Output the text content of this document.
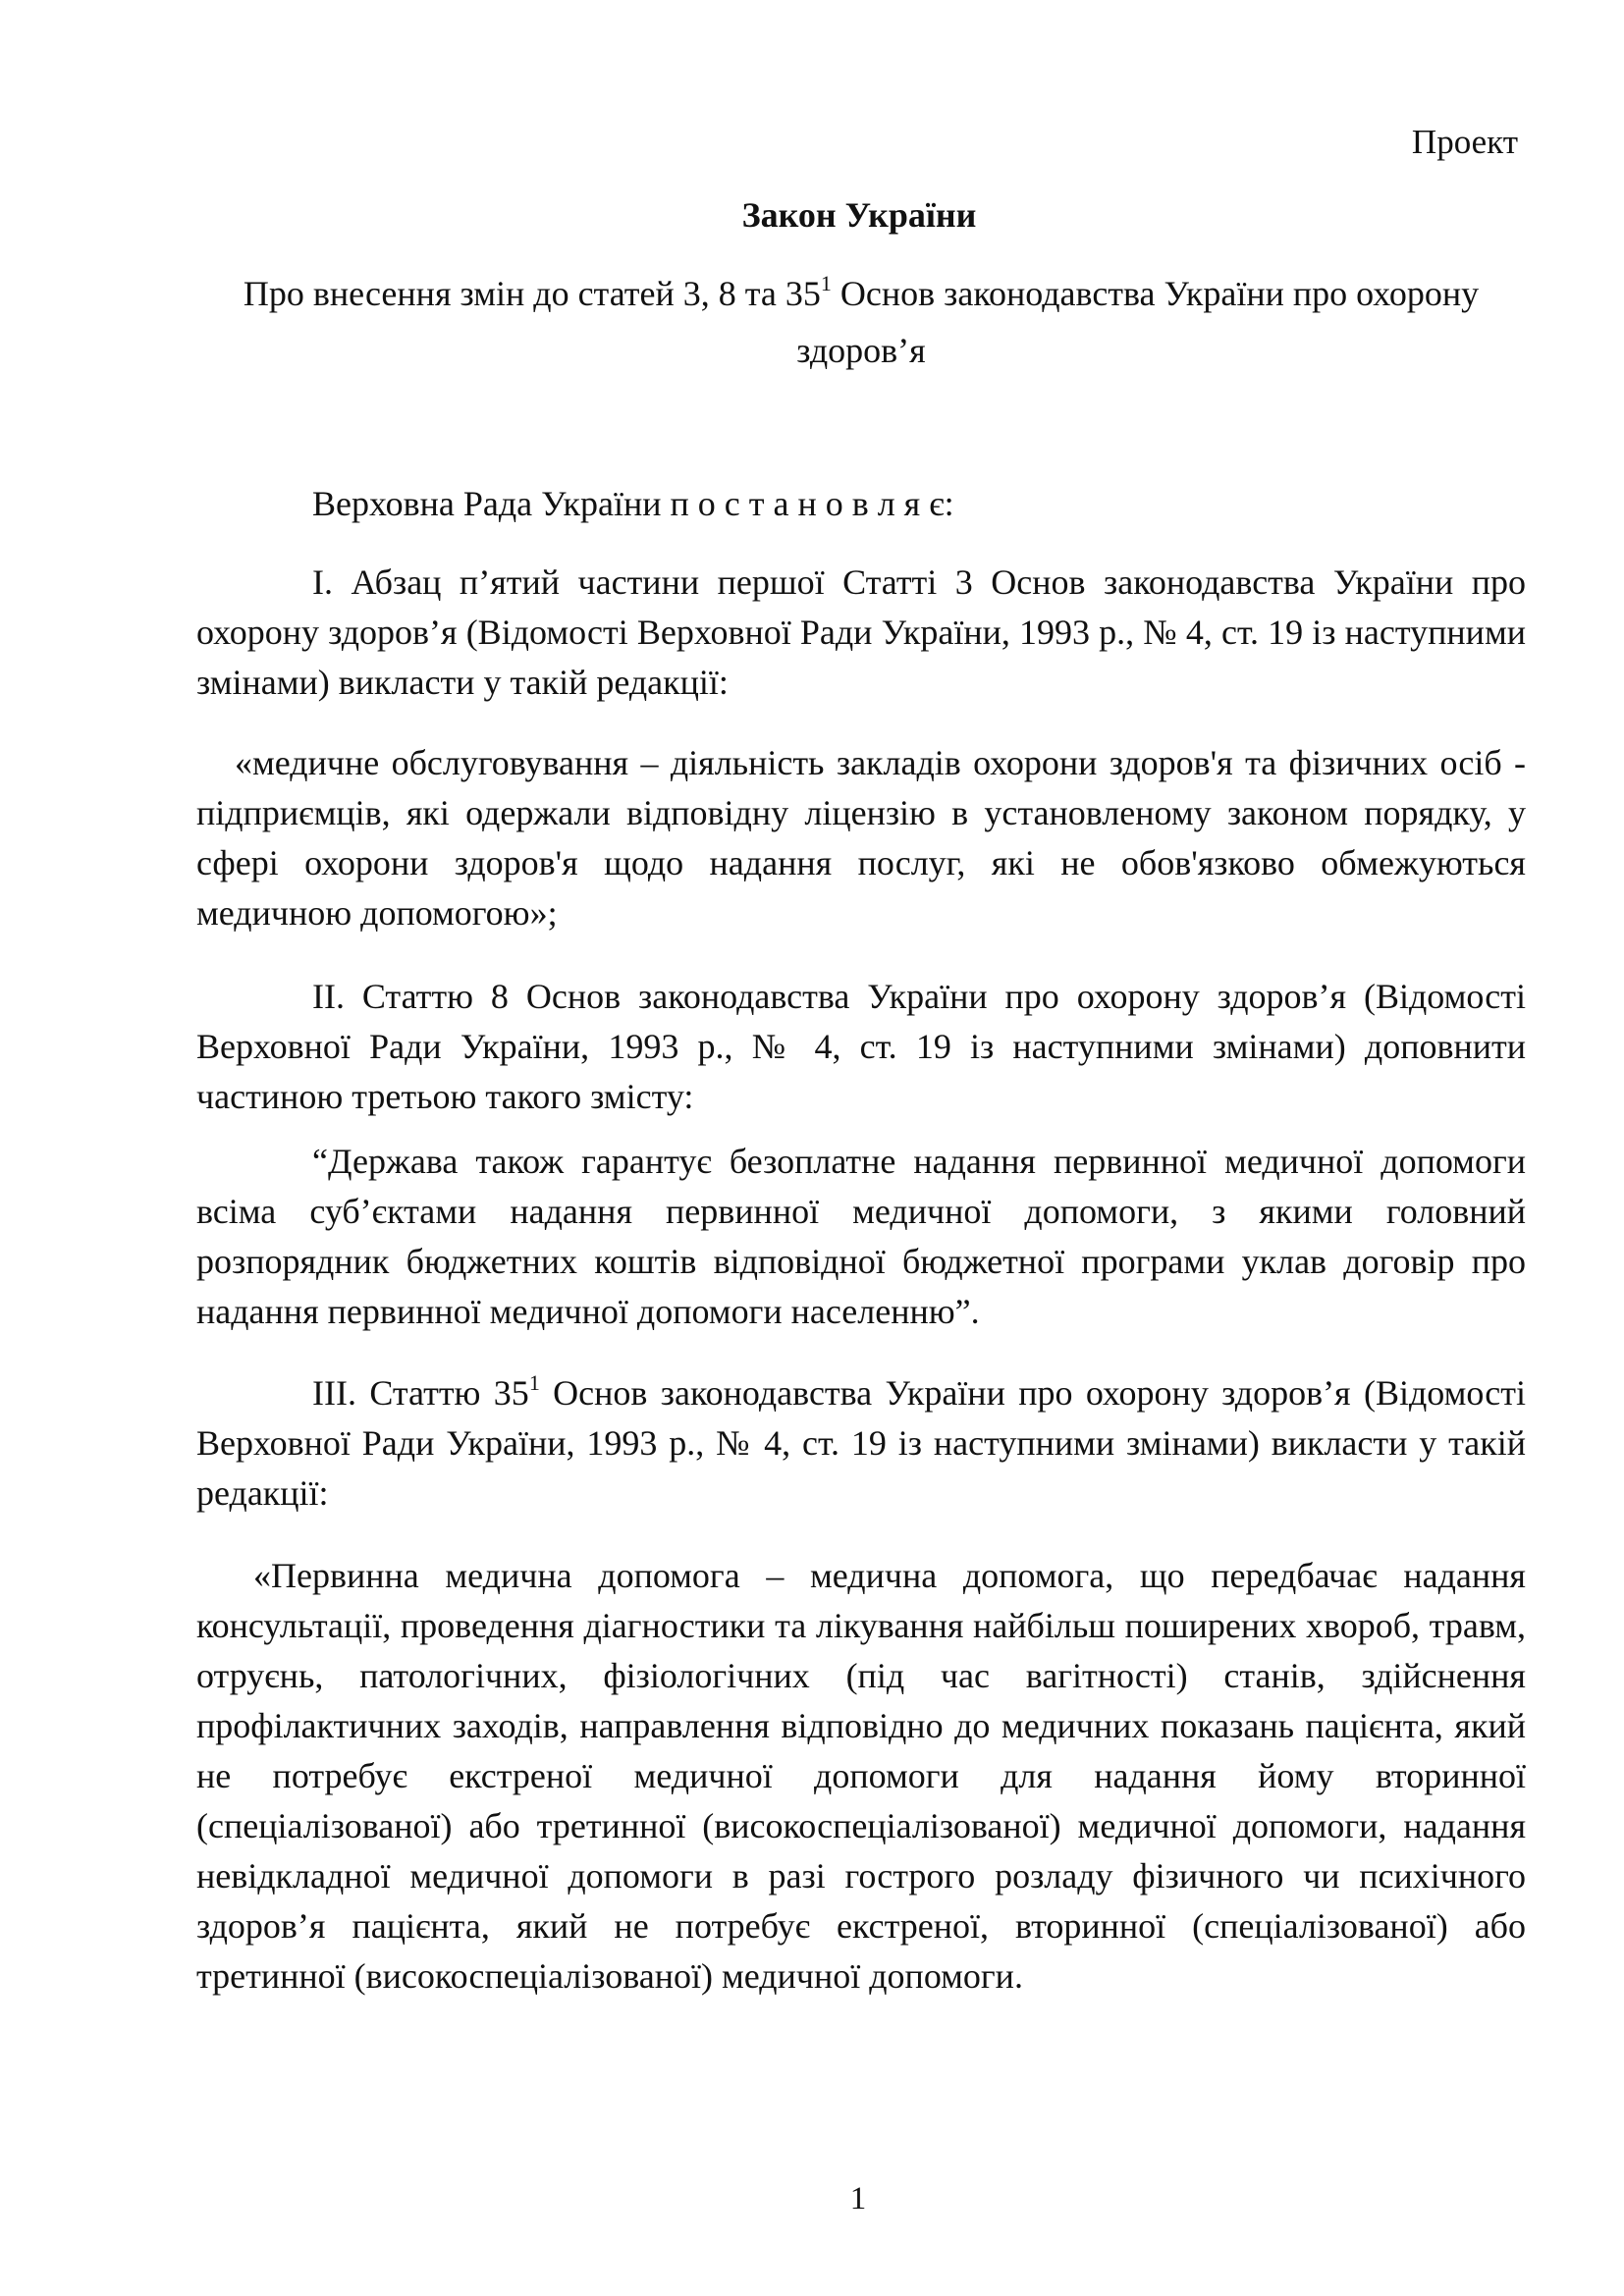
Проект
Закон України
Про внесення змін до статей 3, 8 та $35^1$ Основ законодавства України про охорону здоров’я
Верховна Рада України п о с т а н о в л я є:
I. Абзац п’ятий частини першої Статті 3 Основ законодавства України про охорону здоров’я (Відомості Верховної Ради України, 1993 р., № 4, ст. 19 із наступними змінами) викласти у такій редакції:
«медичне обслуговування – діяльність закладів охорони здоров'я та фізичних осіб - підприємців, які одержали відповідну ліцензію в установленому законом порядку, у сфері охорони здоров'я щодо надання послуг, які не обов'язково обмежуються медичною допомогою»;
II. Статтю 8 Основ законодавства України про охорону здоров’я (Відомості Верховної Ради України, 1993 р., № 4, ст. 19 із наступними змінами) доповнити частиною третьою такого змісту:
“Держава також гарантує безоплатне надання первинної медичної допомоги всіма суб’єктами надання первинної медичної допомоги, з якими головний розпорядник бюджетних коштів відповідної бюджетної програми уклав договір про надання первинної медичної допомоги населенню”.
III. Статтю $35^1$ Основ законодавства України про охорону здоров’я (Відомості Верховної Ради України, 1993 р., № 4, ст. 19 із наступними змінами) викласти у такій редакції:
«Первинна медична допомога – медична допомога, що передбачає надання консультації, проведення діагностики та лікування найбільш поширених хвороб, травм, отруєнь, патологічних, фізіологічних (під час вагітності) станів, здійснення профілактичних заходів, направлення відповідно до медичних показань пацієнта, який не потребує екстреної медичної допомоги для надання йому вторинної (спеціалізованої) або третинної (високоспеціалізованої) медичної допомоги, надання невідкладної медичної допомоги в разі гострого розладу фізичного чи психічного здоров’я пацієнта, який не потребує екстреної, вторинної (спеціалізованої) або третинної (високоспеціалізованої) медичної допомоги.
1
